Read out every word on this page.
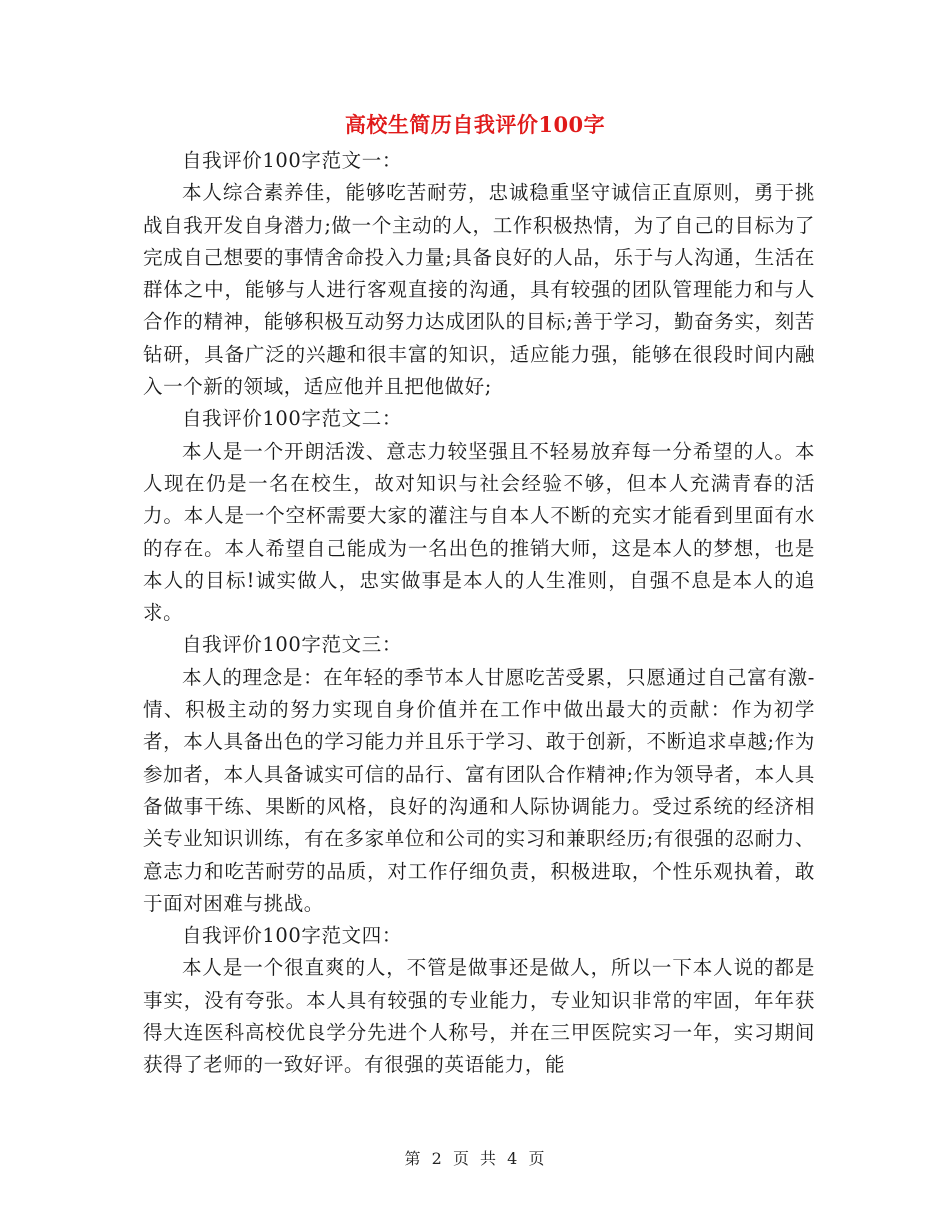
高校生简历自我评价100字

自我评价100字范文一：

本人综合素养佳，能够吃苦耐劳，忠诚稳重坚守诚信正直原则，勇于挑战自我开发自身潜力;做一个主动的人，工作积极热情，为了自己的目标为了完成自己想要的事情舍命投入力量;具备良好的人品，乐于与人沟通，生活在群体之中，能够与人进行客观直接的沟通，具有较强的团队管理能力和与人合作的精神，能够积极互动努力达成团队的目标;善于学习，勤奋务实，刻苦钻研，具备广泛的兴趣和很丰富的知识，适应能力强，能够在很段时间内融入一个新的领域，适应他并且把他做好;

自我评价100字范文二：

本人是一个开朗活泼、意志力较坚强且不轻易放弃每一分希望的人。本人现在仍是一名在校生，故对知识与社会经验不够，但本人充满青春的活力。本人是一个空杯需要大家的灌注与自本人不断的充实才能看到里面有水的存在。本人希望自己能成为一名出色的推销大师，这是本人的梦想，也是本人的目标!诚实做人，忠实做事是本人的人生准则，自强不息是本人的追求。

自我评价100字范文三：

本人的理念是：在年轻的季节本人甘愿吃苦受累，只愿通过自己富有激-情、积极主动的努力实现自身价值并在工作中做出最大的贡献：作为初学者，本人具备出色的学习能力并且乐于学习、敢于创新，不断追求卓越;作为参加者，本人具备诚实可信的品行、富有团队合作精神;作为领导者，本人具备做事干练、果断的风格，良好的沟通和人际协调能力。受过系统的经济相关专业知识训练，有在多家单位和公司的实习和兼职经历;有很强的忍耐力、意志力和吃苦耐劳的品质，对工作仔细负责，积极进取，个性乐观执着，敢于面对困难与挑战。

自我评价100字范文四：

本人是一个很直爽的人，不管是做事还是做人，所以一下本人说的都是事实，没有夸张。本人具有较强的专业能力，专业知识非常的牢固，年年获得大连医科高校优良学分先进个人称号，并在三甲医院实习一年，实习期间获得了老师的一致好评。有很强的英语能力，能

第 2 页 共 4 页
